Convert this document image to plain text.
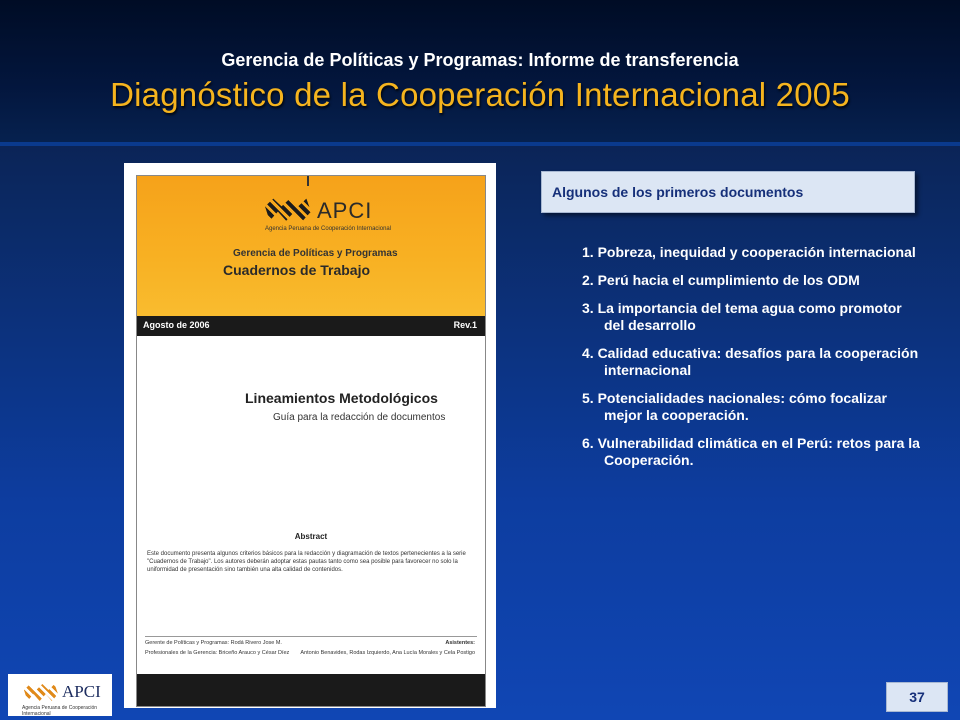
Gerencia de Políticas y Programas: Informe de transferencia
Diagnóstico de la Cooperación Internacional 2005
APCI
Agencia Peruana de Cooperación Internacional
Gerencia de Políticas y Programas
Cuadernos de Trabajo
Agosto de 2006	Rev.1
Lineamientos Metodológicos
Guía para la redacción de documentos
Abstract
Este documento presenta algunos criterios básicos para la redacción y diagramación de textos pertenecientes a la serie "Cuadernos de Trabajo". Los autores deberán adoptar estas pautas tanto como sea posible para favorecer no solo la uniformidad de presentación sino también una alta calidad de contenidos.
Gerente de Políticas y Programas: Rodá Rivero Jose M.	Asistentes:
Profesionales de la Gerencia: Briceño Arauco y César Díez Antonio Benavides, Rodas Izquierdo, Ana Lucía Morales y Cela Postigo
Algunos de los primeros documentos
1. Pobreza, inequidad y cooperación internacional
2. Perú hacia el cumplimiento de los ODM
3. La importancia del tema agua como promotor del desarrollo
4. Calidad educativa: desafíos para la cooperación internacional
5. Potencialidades nacionales: cómo focalizar mejor la cooperación.
6. Vulnerabilidad climática en el Perú: retos para la Cooperación.
APCI
Agencia Peruana de Cooperación Internacional
37
